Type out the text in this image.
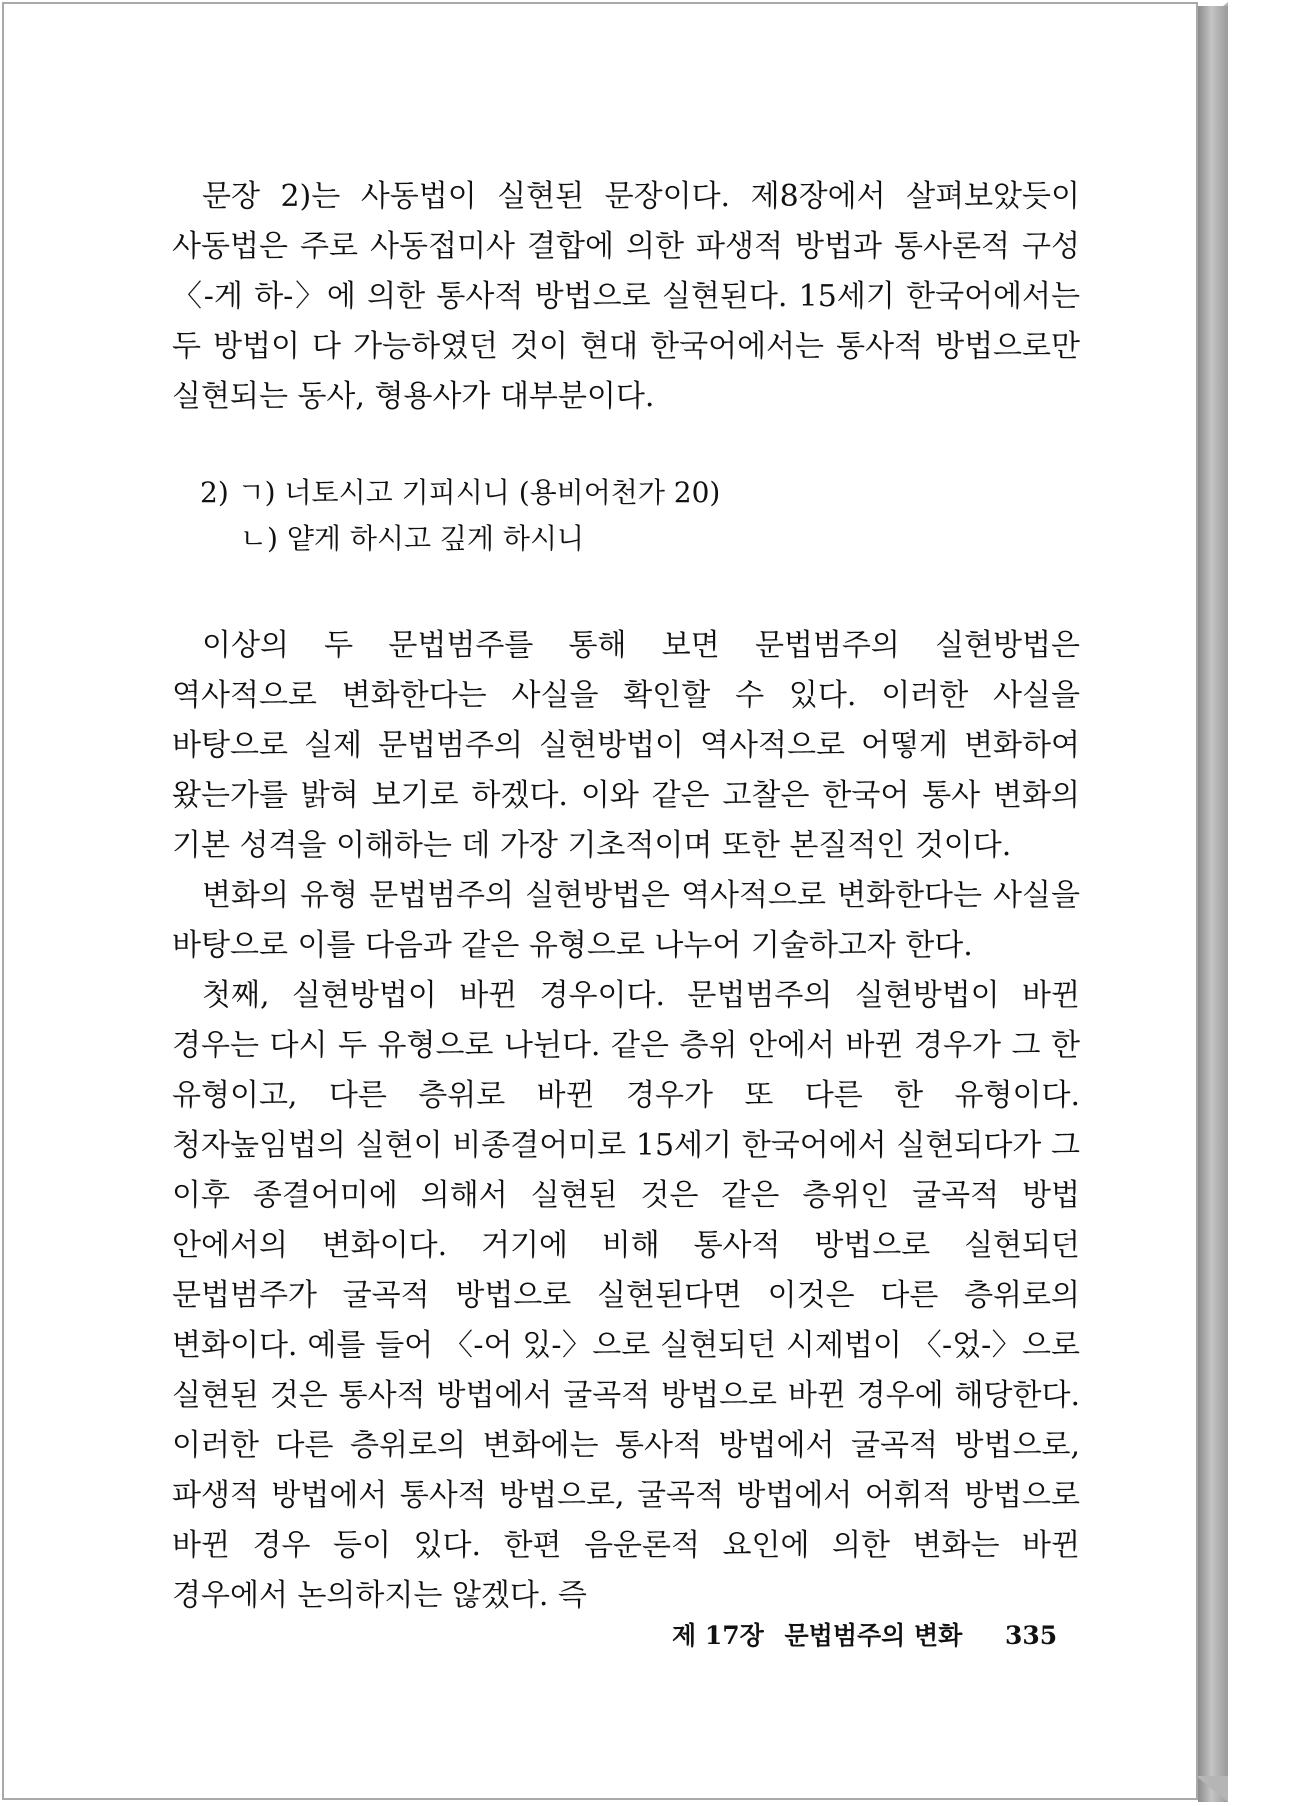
문장 2)는 사동법이 실현된 문장이다. 제8장에서 살펴보았듯이 사동법은 주로 사동접미사 결합에 의한 파생적 방법과 통사론적 구성 〈-게 하-〉에 의한 통사적 방법으로 실현된다. 15세기 한국어에서는 두 방법이 다 가능하였던 것이 현대 한국어에서는 통사적 방법으로만 실현되는 동사, 형용사가 대부분이다.

2) ㄱ) 너토시고 기피시니 (용비어천가 20)
ㄴ) 얕게 하시고 깊게 하시니

이상의 두 문법범주를 통해 보면 문법범주의 실현방법은 역사적으로 변화한다는 사실을 확인할 수 있다. 이러한 사실을 바탕으로 실제 문법범주의 실현방법이 역사적으로 어떻게 변화하여 왔는가를 밝혀 보기로 하겠다. 이와 같은 고찰은 한국어 통사 변화의 기본 성격을 이해하는 데 가장 기초적이며 또한 본질적인 것이다.

변화의 유형 문법범주의 실현방법은 역사적으로 변화한다는 사실을 바탕으로 이를 다음과 같은 유형으로 나누어 기술하고자 한다.

첫째, 실현방법이 바뀐 경우이다. 문법범주의 실현방법이 바뀐 경우는 다시 두 유형으로 나뉜다. 같은 층위 안에서 바뀐 경우가 그 한 유형이고, 다른 층위로 바뀐 경우가 또 다른 한 유형이다. 청자높임법의 실현이 비종결어미로 15세기 한국어에서 실현되다가 그 이후 종결어미에 의해서 실현된 것은 같은 층위인 굴곡적 방법 안에서의 변화이다. 거기에 비해 통사적 방법으로 실현되던 문법범주가 굴곡적 방법으로 실현된다면 이것은 다른 층위로의 변화이다. 예를 들어 〈-어 있-〉으로 실현되던 시제법이 〈-었-〉으로 실현된 것은 통사적 방법에서 굴곡적 방법으로 바뀐 경우에 해당한다. 이러한 다른 층위로의 변화에는 통사적 방법에서 굴곡적 방법으로, 파생적 방법에서 통사적 방법으로, 굴곡적 방법에서 어휘적 방법으로 바뀐 경우 등이 있다. 한편 음운론적 요인에 의한 변화는 바뀐 경우에서 논의하지는 않겠다. 즉

제 17장 문법범주의 변화 335
